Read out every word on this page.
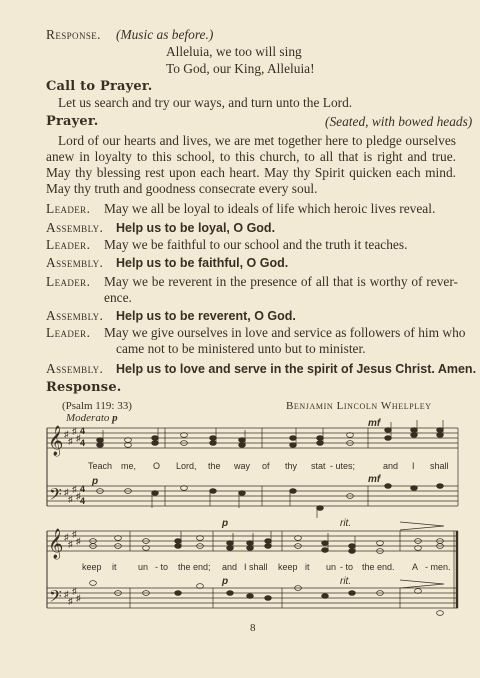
Response. (Music as before.)
Alleluia, we too will sing
To God, our King, Alleluia!
Call to Prayer.
Let us search and try our ways, and turn unto the Lord.
Prayer.	(Seated, with bowed heads)
Lord of our hearts and lives, we are met together here to pledge ourselves
anew in loyalty to this school, to this church, to all that is right and true.
May thy blessing rest upon each heart. May thy Spirit quicken each mind.
May thy truth and goodness consecrate every soul.
Leader. May we all be loyal to ideals of life which heroic lives reveal.
Assembly. Help us to be loyal, O God.
Leader. May we be faithful to our school and the truth it teaches.
Assembly. Help us to be faithful, O God.
Leader. May we be reverent in the presence of all that is worthy of rever-
ence.
Assembly. Help us to be reverent, O God.
Leader. May we give ourselves in love and service as followers of him who
came not to be ministered unto but to minister.
Assembly. Help us to love and serve in the spirit of Jesus Christ. Amen.
Response.
(Psalm 119: 33)	Benjamin Lincoln Whelpley
Moderato p
𝄞
𝄢
♯
♯
♯
♯
4
4
♯
♯
♯
♯
4
4
mf
p	mf
Teach me, O Lord, the way of thy stat - utes;	and I shall
𝄞
𝄢
♯
♯
♯
♯
♯
♯
♯
♯
p	rit.
p	rit.
keep it un - to the end; and I shall keep it un - to the end. A - men.
8
